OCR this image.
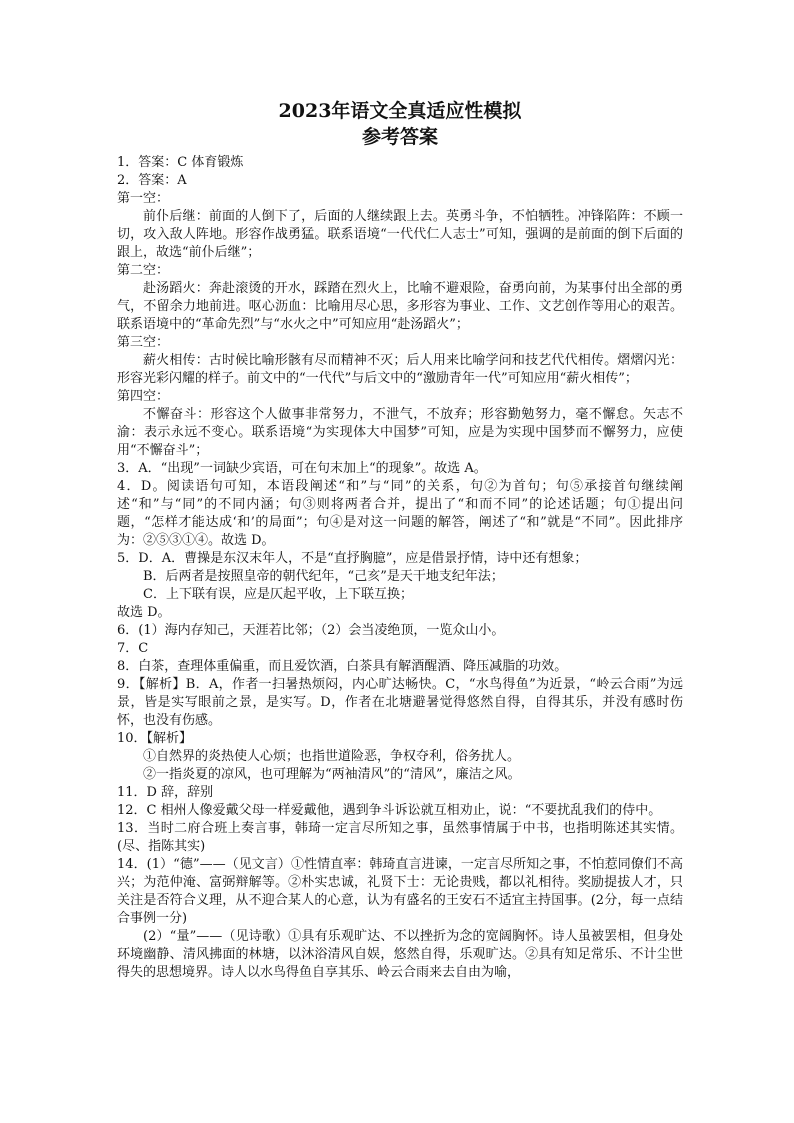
2023年语文全真适应性模拟
参考答案

1．答案：C 体育锻炼

2．答案：A

第一空：

前仆后继：前面的人倒下了，后面的人继续跟上去。英勇斗争，不怕牺牲。冲锋陷阵：不顾一切，攻入敌人阵地。形容作战勇猛。联系语境“一代代仁人志士”可知，强调的是前面的倒下后面的跟上，故选“前仆后继”；

第二空：

赴汤蹈火：奔赴滚烫的开水，踩踏在烈火上，比喻不避艰险，奋勇向前，为某事付出全部的勇气，不留余力地前进。呕心沥血：比喻用尽心思，多形容为事业、工作、文艺创作等用心的艰苦。联系语境中的“革命先烈”与“水火之中”可知应用“赴汤蹈火”；

第三空：

薪火相传：古时候比喻形骸有尽而精神不灭；后人用来比喻学问和技艺代代相传。熠熠闪光：形容光彩闪耀的样子。前文中的“一代代”与后文中的“激励青年一代”可知应用“薪火相传”；

第四空：

不懈奋斗：形容这个人做事非常努力，不泄气，不放弃；形容勤勉努力，毫不懈怠。矢志不渝：表示永远不变心。联系语境“为实现体大中国梦”可知，应是为实现中国梦而不懈努力，应使用“不懈奋斗”；

3．A．“出现”一词缺少宾语，可在句末加上“的现象”。故选 A。

4．D。阅读语句可知，本语段阐述“和”与“同”的关系，句②为首句；句⑤承接首句继续阐述“和”与“同”的不同内涵；句③则将两者合并，提出了“和而不同”的论述话题；句①提出问题，“怎样才能达成‘和’的局面”；句④是对这一问题的解答，阐述了“和”就是“不同”。因此排序为：②⑤③①④。故选 D。

5．D．A．曹操是东汉末年人，不是“直抒胸臆”，应是借景抒情，诗中还有想象；

B．后两者是按照皇帝的朝代纪年，“己亥”是天干地支纪年法；

C．上下联有误，应是仄起平收，上下联互换；

故选 D。

6．(1）海内存知己，天涯若比邻；（2）会当凌绝顶，一览众山小。

7．C

8．白茶，查理体重偏重，而且爱饮酒，白茶具有解酒醒酒、降压减脂的功效。

9．【解析】B．A，作者一扫暑热烦闷，内心旷达畅快。C，“水鸟得鱼”为近景，“岭云合雨”为远景，皆是实写眼前之景，是实写。D，作者在北塘避暑觉得悠然自得，自得其乐，并没有感时伤怀，也没有伤感。

10．【解析】

①自然界的炎热使人心烦；也指世道险恶，争权夺利，俗务扰人。

②一指炎夏的凉风，也可理解为“两袖清风”的“清风”，廉洁之风。

11．D 辞，辞别

12．C 相州人像爱戴父母一样爱戴他，遇到争斗诉讼就互相劝止，说：“不要扰乱我们的侍中。

13．当时二府合班上奏言事，韩琦一定言尽所知之事，虽然事情属于中书，也指明陈述其实情。(尽、指陈其实)

14．(1）“德”——（见文言）①性情直率：韩琦直言进谏，一定言尽所知之事，不怕惹同僚们不高兴；为范仲淹、富弼辩解等。②朴实忠诚，礼贤下士：无论贵贱，都以礼相待。奖励提拔人才，只关注是否符合义理，从不迎合某人的心意，认为有盛名的王安石不适宜主持国事。(2分，每一点结合事例一分)

(2）“量”——（见诗歌）①具有乐观旷达、不以挫折为念的宽阔胸怀。诗人虽被罢相，但身处环境幽静、清风拂面的林塘，以沐浴清风自娱，悠然自得，乐观旷达。②具有知足常乐、不计尘世得失的思想境界。诗人以水鸟得鱼自享其乐、岭云合雨来去自由为喻，
